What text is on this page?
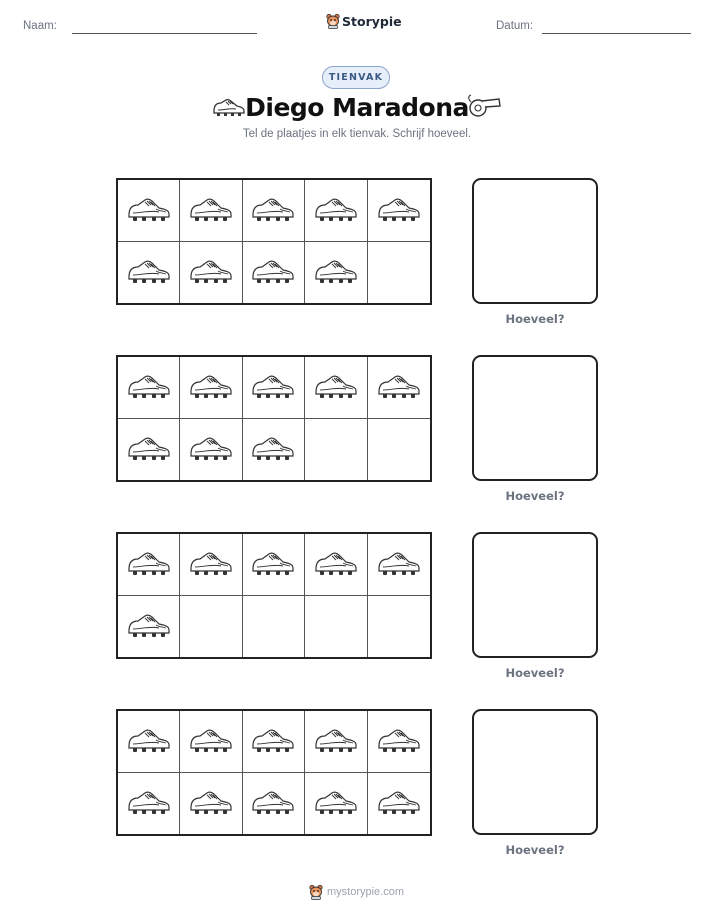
Naam:	Storypie	Datum:
TIENVAK
Diego Maradona
Tel de plaatjes in elk tienvak. Schrijf hoeveel.
Hoeveel?
Hoeveel?
Hoeveel?
Hoeveel?
mystorypie.com
